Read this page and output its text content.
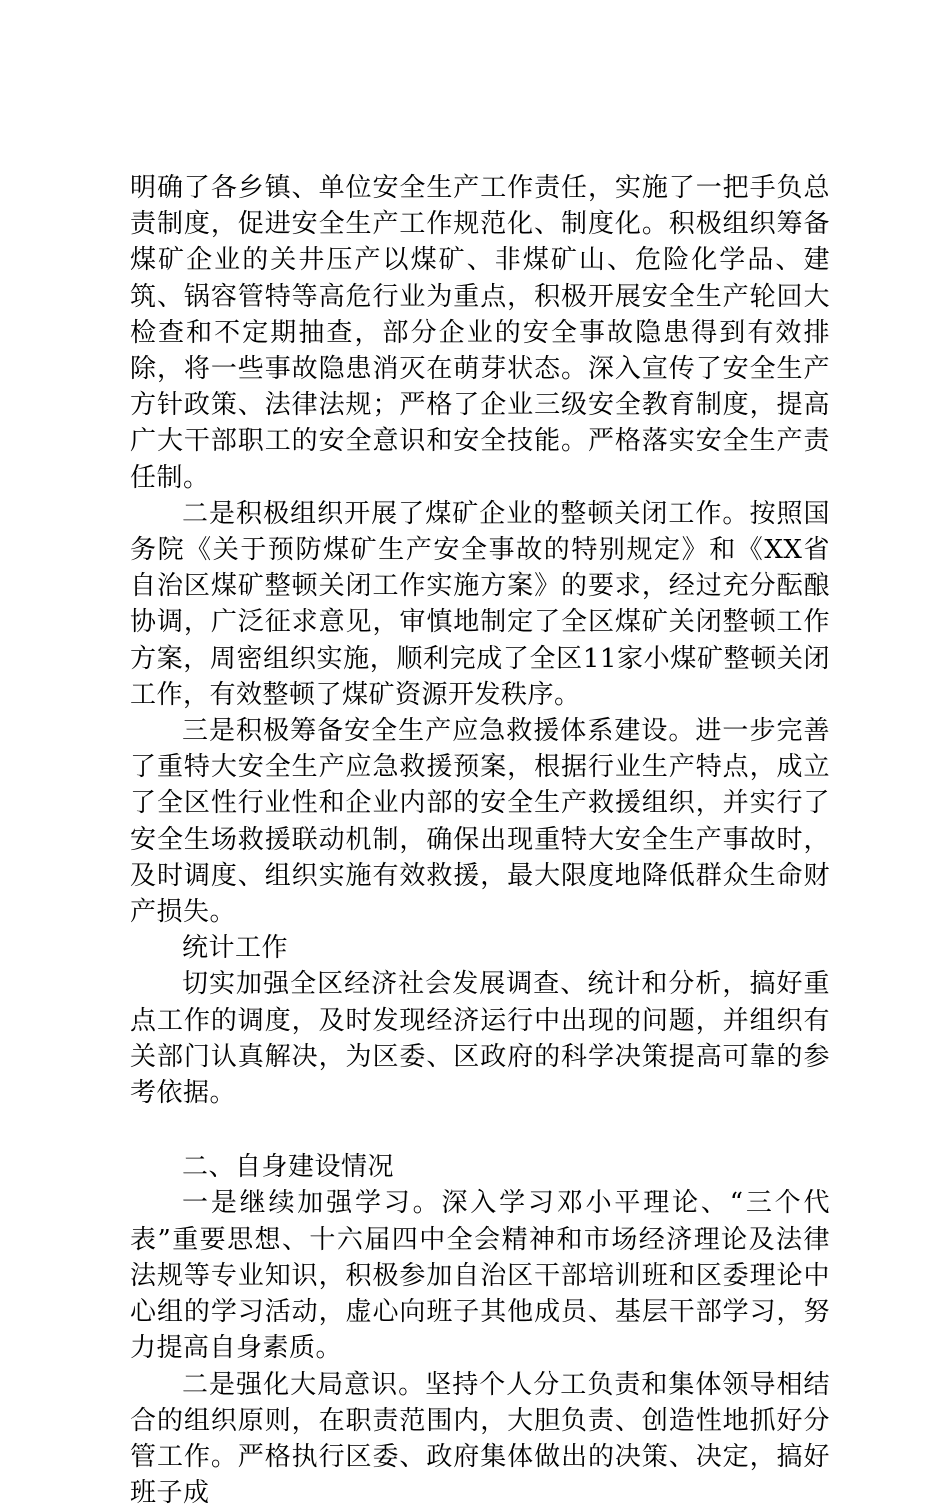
明确了各乡镇、单位安全生产工作责任，实施了一把手负总责制度，促进安全生产工作规范化、制度化。积极组织筹备煤矿企业的关井压产以煤矿、非煤矿山、危险化学品、建筑、锅容管特等高危行业为重点，积极开展安全生产轮回大检查和不定期抽查，部分企业的安全事故隐患得到有效排除，将一些事故隐患消灭在萌芽状态。深入宣传了安全生产方针政策、法律法规；严格了企业三级安全教育制度，提高广大干部职工的安全意识和安全技能。严格落实安全生产责任制。

二是积极组织开展了煤矿企业的整顿关闭工作。按照国务院《关于预防煤矿生产安全事故的特别规定》和《XX省自治区煤矿整顿关闭工作实施方案》的要求，经过充分酝酿协调，广泛征求意见，审慎地制定了全区煤矿关闭整顿工作方案，周密组织实施，顺利完成了全区11家小煤矿整顿关闭工作，有效整顿了煤矿资源开发秩序。

三是积极筹备安全生产应急救援体系建设。进一步完善了重特大安全生产应急救援预案，根据行业生产特点，成立了全区性行业性和企业内部的安全生产救援组织，并实行了安全生场救援联动机制，确保出现重特大安全生产事故时，及时调度、组织实施有效救援，最大限度地降低群众生命财产损失。

统计工作

切实加强全区经济社会发展调查、统计和分析，搞好重点工作的调度，及时发现经济运行中出现的问题，并组织有关部门认真解决，为区委、区政府的科学决策提高可靠的参考依据。

二、自身建设情况

一是继续加强学习。深入学习邓小平理论、“三个代表”重要思想、十六届四中全会精神和市场经济理论及法律法规等专业知识，积极参加自治区干部培训班和区委理论中心组的学习活动，虚心向班子其他成员、基层干部学习，努力提高自身素质。

二是强化大局意识。坚持个人分工负责和集体领导相结合的组织原则，在职责范围内，大胆负责、创造性地抓好分管工作。严格执行区委、政府集体做出的决策、决定，搞好班子成
